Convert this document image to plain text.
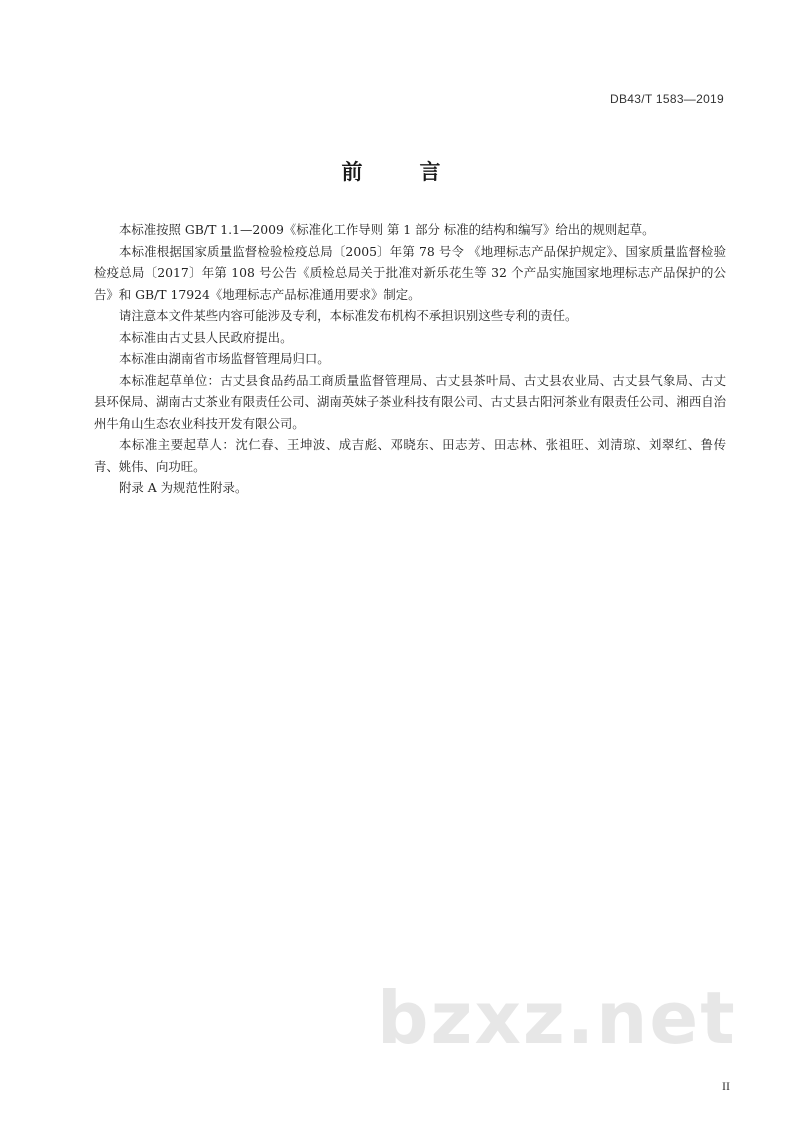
DB43/T 1583—2019
前　言

本标准按照 GB/T 1.1—2009《标准化工作导则 第 1 部分 标准的结构和编写》给出的规则起草。

本标准根据国家质量监督检验检疫总局〔2005〕年第 78 号令 《地理标志产品保护规定》、国家质量监督检验检疫总局〔2017〕年第 108 号公告《质检总局关于批准对新乐花生等 32 个产品实施国家地理标志产品保护的公告》和 GB/T 17924《地理标志产品标准通用要求》制定。

请注意本文件某些内容可能涉及专利，本标准发布机构不承担识别这些专利的责任。

本标准由古丈县人民政府提出。

本标准由湖南省市场监督管理局归口。

本标准起草单位：古丈县食品药品工商质量监督管理局、古丈县茶叶局、古丈县农业局、古丈县气象局、古丈县环保局、湖南古丈茶业有限责任公司、湖南英妹子茶业科技有限公司、古丈县古阳河茶业有限责任公司、湘西自治州牛角山生态农业科技开发有限公司。

本标准主要起草人：沈仁春、王坤波、成吉彪、邓晓东、田志芳、田志林、张祖旺、刘清琼、刘翠红、鲁传青、姚伟、向功旺。

附录 A 为规范性附录。

bzxz.net
II
